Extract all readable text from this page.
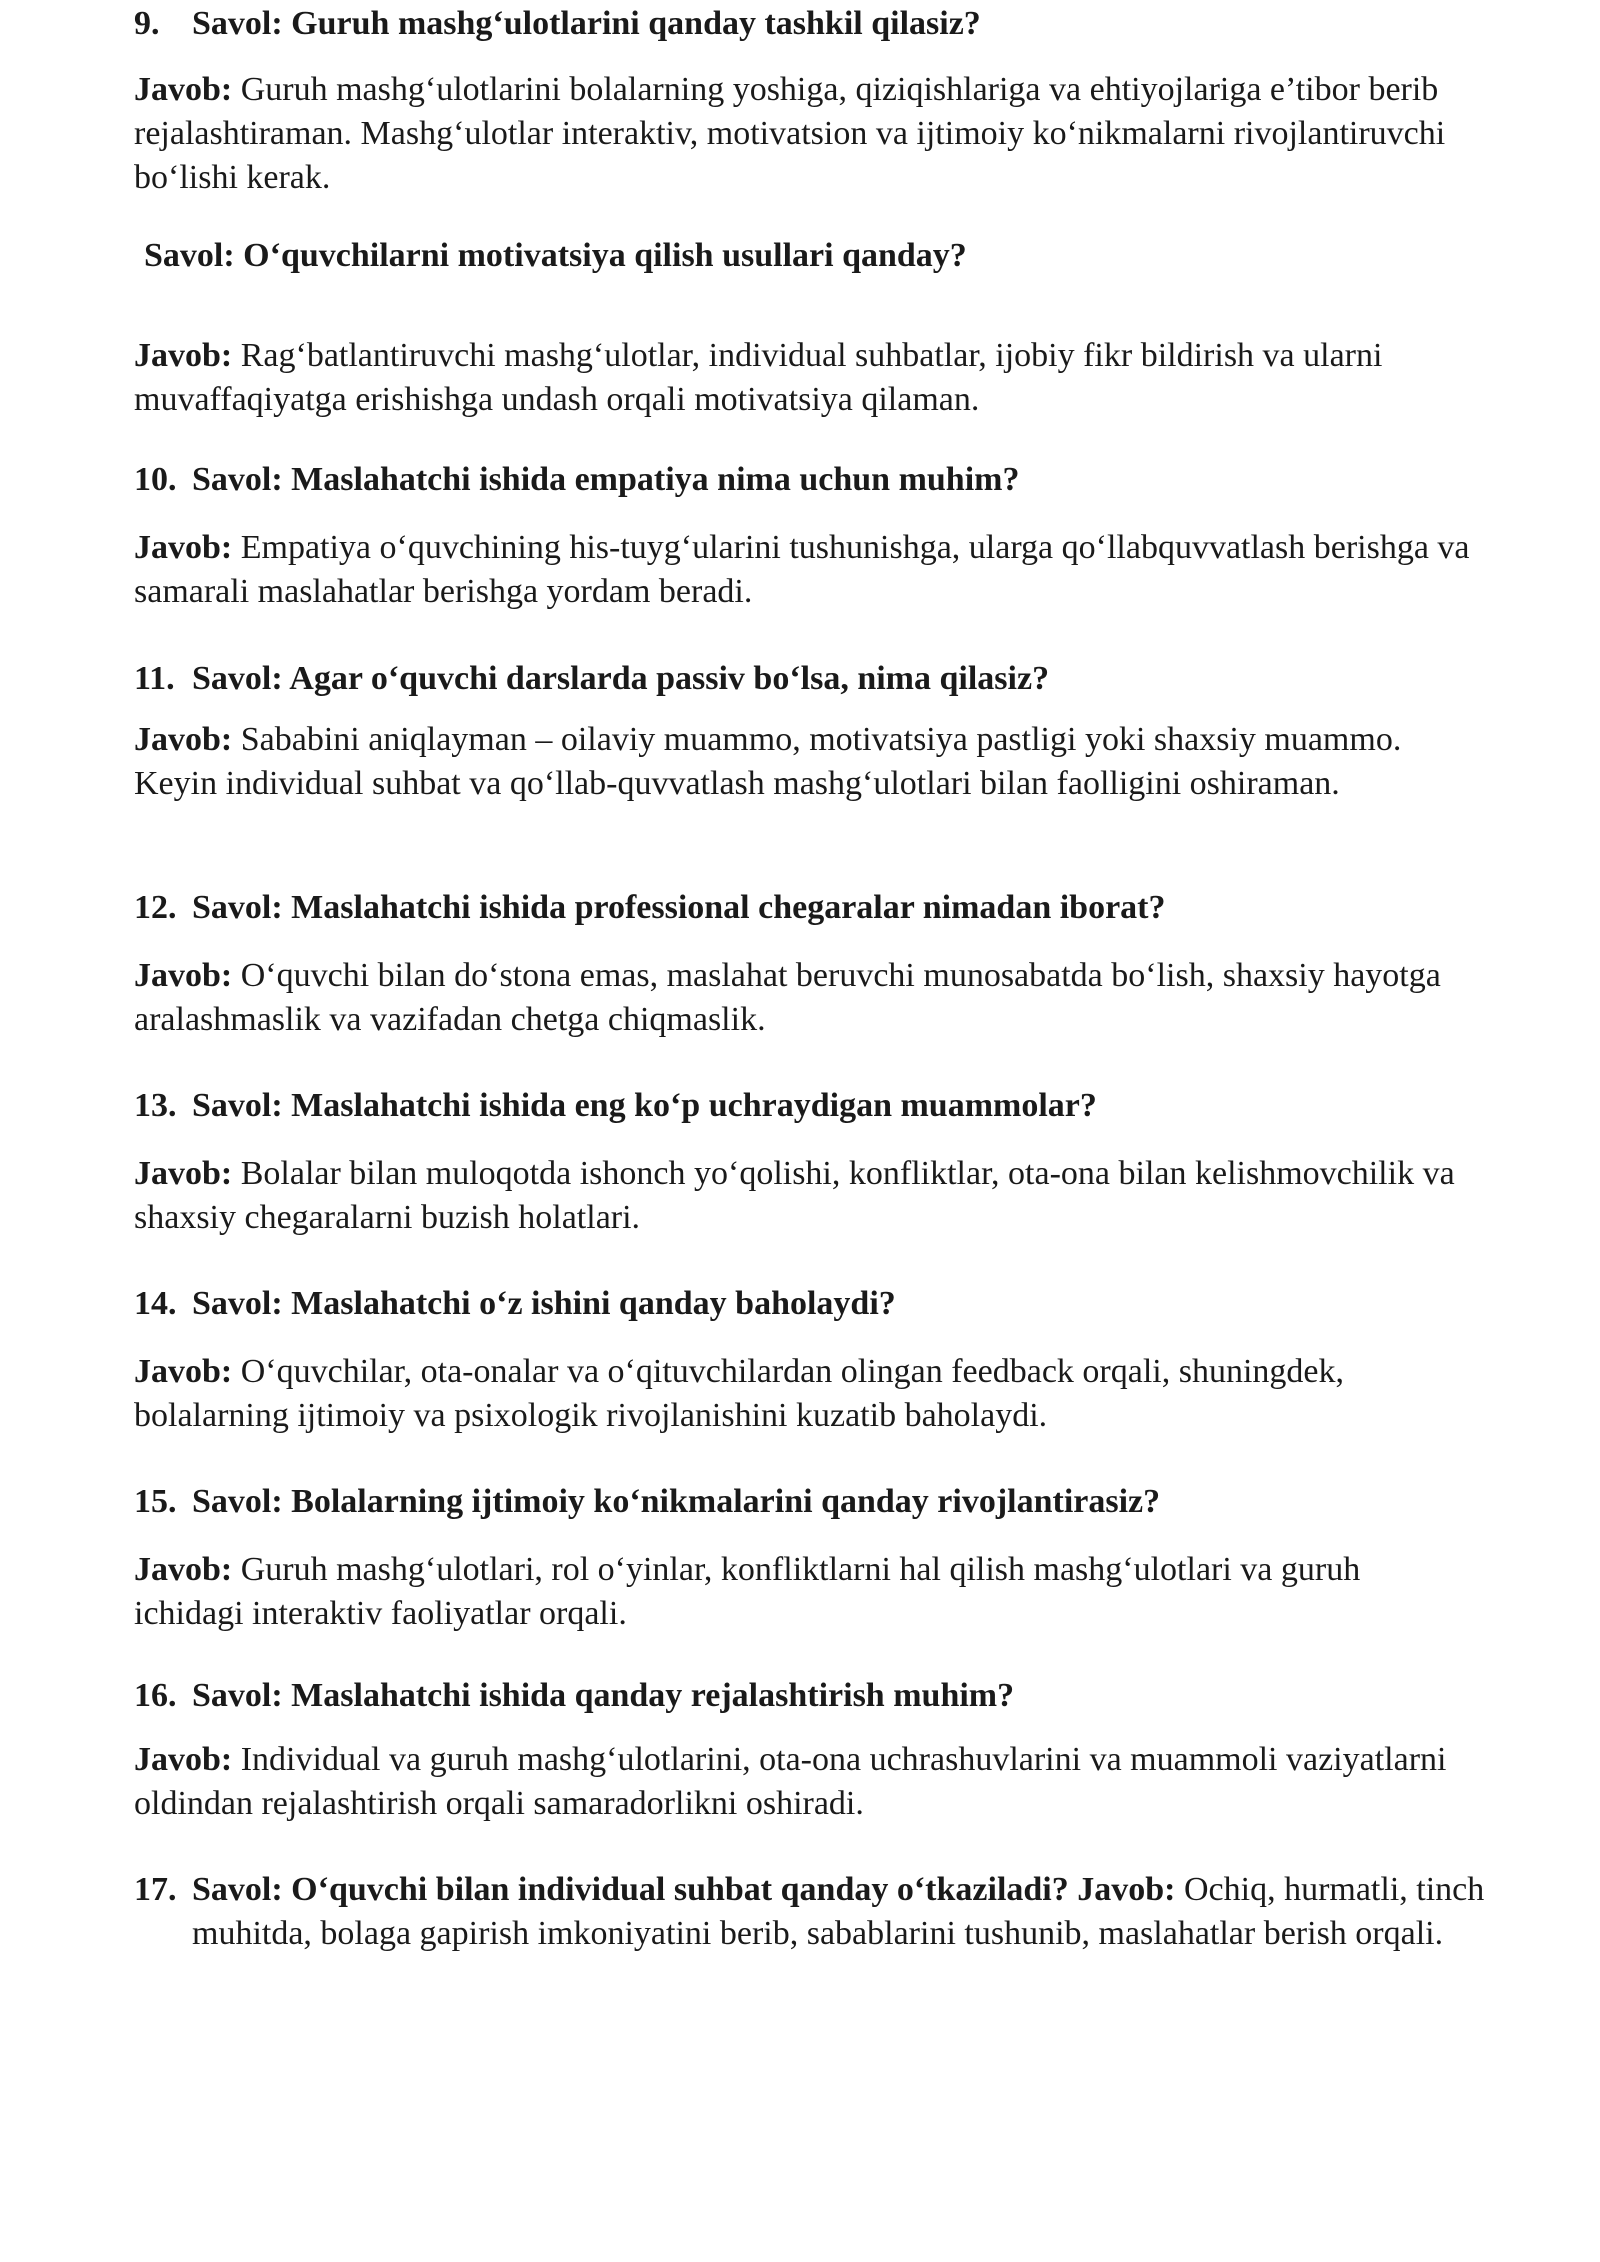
9. Savol: Guruh mashg‘ulotlarini qanday tashkil qilasiz?
Javob: Guruh mashg‘ulotlarini bolalarning yoshiga, qiziqishlariga va ehtiyojlariga e’tibor berib rejalashtiraman. Mashg‘ulotlar interaktiv, motivatsion va ijtimoiy ko‘nikmalarni rivojlantiruvchi bo‘lishi kerak.
Savol: O‘quvchilarni motivatsiya qilish usullari qanday?
Javob: Rag‘batlantiruvchi mashg‘ulotlar, individual suhbatlar, ijobiy fikr bildirish va ularni muvaffaqiyatga erishishga undash orqali motivatsiya qilaman.
10. Savol: Maslahatchi ishida empatiya nima uchun muhim?
Javob: Empatiya o‘quvchining his-tuyg‘ularini tushunishga, ularga qo‘llabquvvatlash berishga va samarali maslahatlar berishga yordam beradi.
11. Savol: Agar o‘quvchi darslarda passiv bo‘lsa, nima qilasiz?
Javob: Sababini aniqlayman – oilaviy muammo, motivatsiya pastligi yoki shaxsiy muammo. Keyin individual suhbat va qo‘llab-quvvatlash mashg‘ulotlari bilan faolligini oshiraman.
12. Savol: Maslahatchi ishida professional chegaralar nimadan iborat?
Javob: O‘quvchi bilan do‘stona emas, maslahat beruvchi munosabatda bo‘lish, shaxsiy hayotga aralashmaslik va vazifadan chetga chiqmaslik.
13. Savol: Maslahatchi ishida eng ko‘p uchraydigan muammolar?
Javob: Bolalar bilan muloqotda ishonch yo‘qolishi, konfliktlar, ota-ona bilan kelishmovchilik va shaxsiy chegaralarni buzish holatlari.
14. Savol: Maslahatchi o‘z ishini qanday baholaydi?
Javob: O‘quvchilar, ota-onalar va o‘qituvchilardan olingan feedback orqali, shuningdek, bolalarning ijtimoiy va psixologik rivojlanishini kuzatib baholaydi.
15. Savol: Bolalarning ijtimoiy ko‘nikmalarini qanday rivojlantirasiz?
Javob: Guruh mashg‘ulotlari, rol o‘yinlar, konfliktlarni hal qilish mashg‘ulotlari va guruh ichidagi interaktiv faoliyatlar orqali.
16. Savol: Maslahatchi ishida qanday rejalashtirish muhim?
Javob: Individual va guruh mashg‘ulotlarini, ota-ona uchrashuvlarini va muammoli vaziyatlarni oldindan rejalashtirish orqali samaradorlikni oshiradi.
17. Savol: O‘quvchi bilan individual suhbat qanday o‘tkaziladi? Javob: Ochiq, hurmatli, tinch muhitda, bolaga gapirish imkoniyatini berib, sabablarini tushunib, maslahatlar berish orqali.
